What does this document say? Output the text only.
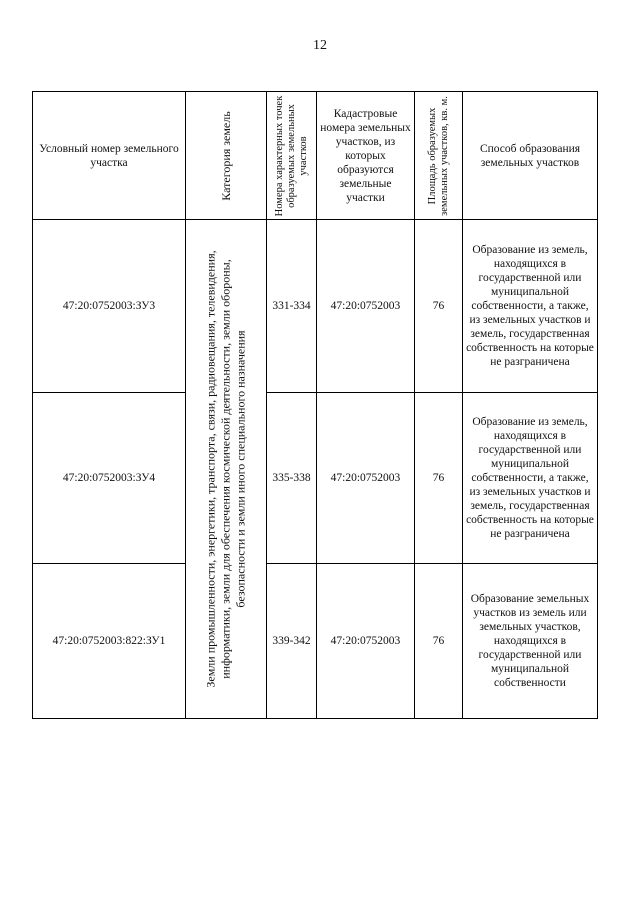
12
Условный номер земельного участка	Категория земель	Номера характерных точек образуемых земельных участков	Кадастровые номера земельных участков, из которых образуются земельные участки	Площадь образуемых земельных участков, кв. м.	Способ образования земельных участков
47:20:0752003:ЗУ3	Земли промышленности, энергетики, транспорта, связи, радиовещания, телевидения, информатики, земли для обеспечения космической деятельности, земли обороны, безопасности и земли иного специального назначения	331-334	47:20:0752003	76	Образование из земель, находящихся в государственной или муниципальной собственности, а также, из земельных участков и земель, государственная собственность на которые не разграничена
47:20:0752003:ЗУ4		335-338	47:20:0752003	76	Образование из земель, находящихся в государственной или муниципальной собственности, а также, из земельных участков и земель, государственная собственность на которые не разграничена
47:20:0752003:822:ЗУ1		339-342	47:20:0752003	76	Образование земельных участков из земель или земельных участков, находящихся в государственной или муниципальной собственности
